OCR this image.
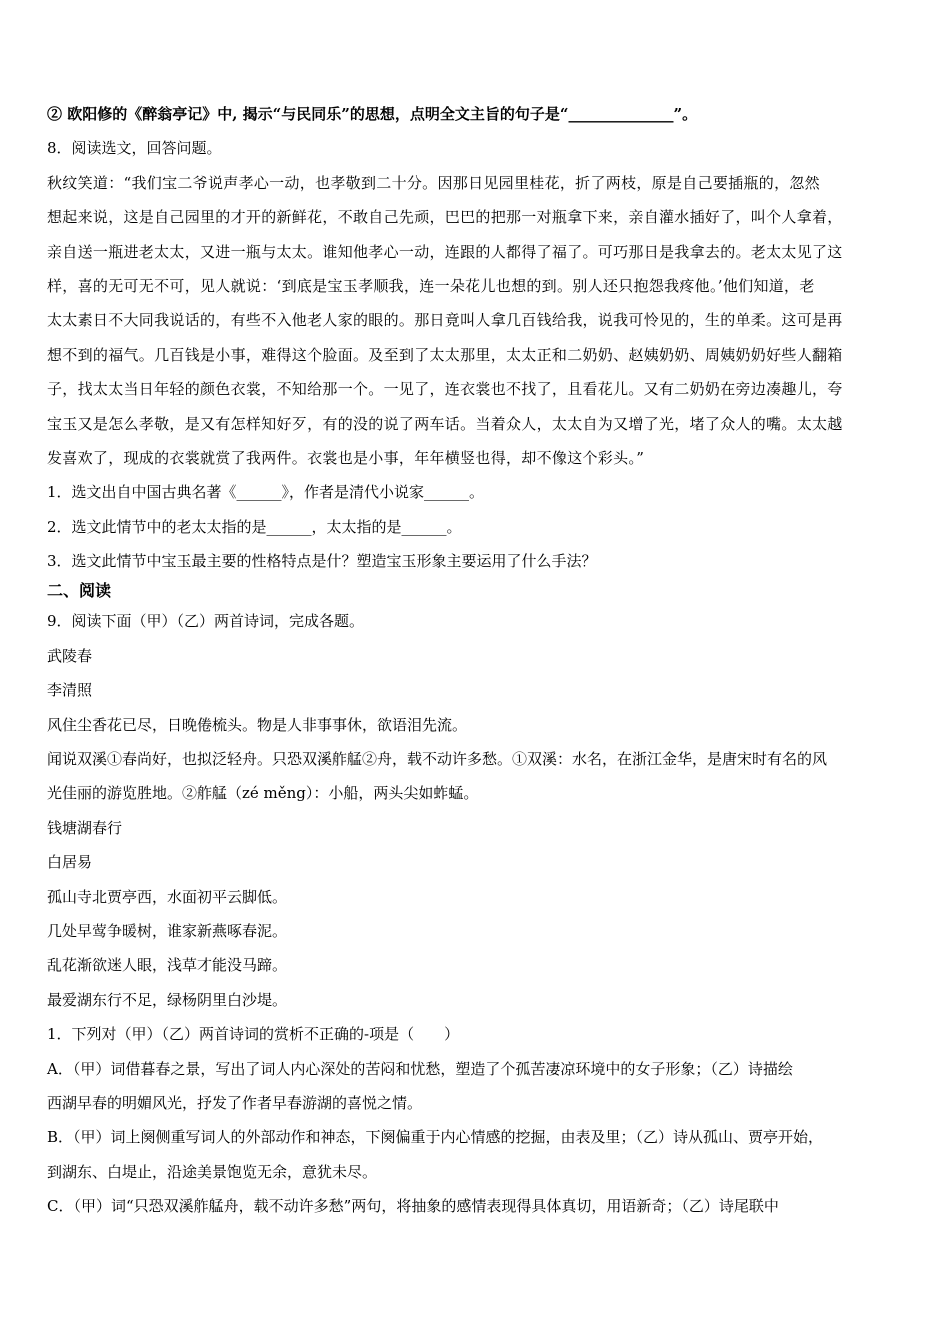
② 欧阳修的《醉翁亭记》中, 揭示“与民同乐”的思想，点明全文主旨的句子是“______________”。
8．阅读选文，回答问题。
秋纹笑道：“我们宝二爷说声孝心一动，也孝敬到二十分。因那日见园里桂花，折了两枝，原是自己要插瓶的，忽然
想起来说，这是自己园里的才开的新鲜花，不敢自己先顽，巴巴的把那一对瓶拿下来，亲自灌水插好了，叫个人拿着，
亲自送一瓶进老太太，又进一瓶与太太。谁知他孝心一动，连跟的人都得了福了。可巧那日是我拿去的。老太太见了这
样，喜的无可无不可，见人就说：‘到底是宝玉孝顺我，连一朵花儿也想的到。别人还只抱怨我疼他。’他们知道，老
太太素日不大同我说话的，有些不入他老人家的眼的。那日竟叫人拿几百钱给我，说我可怜见的，生的单柔。这可是再
想不到的福气。几百钱是小事，难得这个脸面。及至到了太太那里，太太正和二奶奶、赵姨奶奶、周姨奶奶好些人翻箱
子，找太太当日年轻的颜色衣裳，不知给那一个。一见了，连衣裳也不找了，且看花儿。又有二奶奶在旁边凑趣儿，夸
宝玉又是怎么孝敬，是又有怎样知好歹，有的没的说了两车话。当着众人，太太自为又增了光，堵了众人的嘴。太太越
发喜欢了，现成的衣裳就赏了我两件。衣裳也是小事，年年横竖也得，却不像这个彩头。”
1．选文出自中国古典名著《______》，作者是清代小说家______。
2．选文此情节中的老太太指的是______，太太指的是______。
3．选文此情节中宝玉最主要的性格特点是什？塑造宝玉形象主要运用了什么手法？
二、阅读
9．阅读下面（甲）（乙）两首诗词，完成各题。
武陵春
李清照
风住尘香花已尽，日晚倦梳头。物是人非事事休，欲语泪先流。
闻说双溪①春尚好，也拟泛轻舟。只恐双溪舴艋②舟，载不动许多愁。①双溪：水名，在浙江金华，是唐宋时有名的风
光佳丽的游览胜地。②舴艋（zé měng）：小船，两头尖如蚱蜢。
钱塘湖春行
白居易
孤山寺北贾亭西，水面初平云脚低。
几处早莺争暖树，谁家新燕啄春泥。
乱花渐欲迷人眼，浅草才能没马蹄。
最爱湖东行不足，绿杨阴里白沙堤。
1．下列对（甲）（乙）两首诗词的赏析不正确的-项是（　　）
A．（甲）词借暮春之景，写出了词人内心深处的苦闷和忧愁，塑造了个孤苦凄凉环境中的女子形象；（乙）诗描绘
西湖早春的明媚风光，抒发了作者早春游湖的喜悦之情。
B．（甲）词上阕侧重写词人的外部动作和神态，下阕偏重于内心情感的挖掘，由表及里；（乙）诗从孤山、贾亭开始，
到湖东、白堤止，沿途美景饱览无余，意犹未尽。
C．（甲）词“只恐双溪舴艋舟，载不动许多愁”两句，将抽象的感情表现得具体真切，用语新奇；（乙）诗尾联中
